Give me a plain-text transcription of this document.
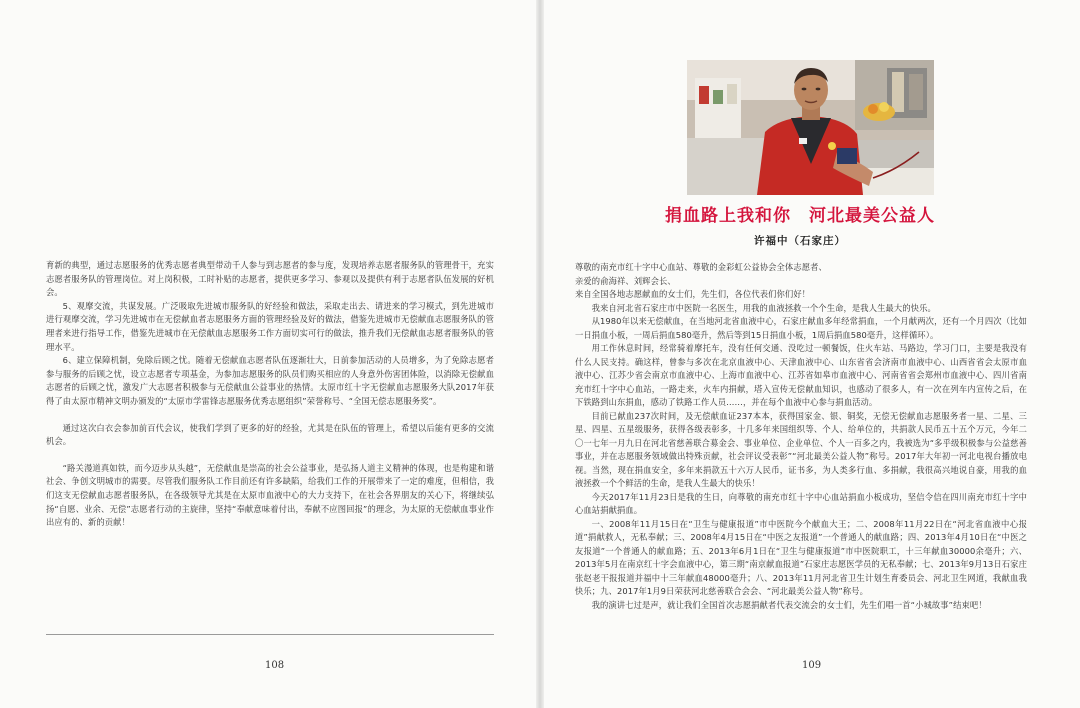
育新的典型，通过志愿服务的优秀志愿者典型带动千人参与到志愿者的参与度，发现培养志愿者服务队的管理骨干，充实志愿者服务队的管理岗位。对上岗积极，工时补贴的志愿者，提供更多学习、参观以及提供有利于志愿者队伍发展的好机会。

5、观摩交流，共谋发展。广泛吸取先进城市服务队的好经验和做法，采取走出去、请进来的学习模式，到先进城市进行观摩交流，学习先进城市在无偿献血者志愿服务方面的管理经验及好的做法，借鉴先进城市无偿献血志愿服务队的管理者来进行指导工作，借鉴先进城市在无偿献血志愿服务工作方面切实可行的做法，推升我们无偿献血志愿者服务队的管理水平。

6、建立保障机制，免除后顾之忧。随着无偿献血志愿者队伍逐渐壮大，日前参加活动的人员增多，为了免除志愿者参与服务的后顾之忧，设立志愿者专项基金，为参加志愿服务的队员们购买相应的人身意外伤害团体险，以消除无偿献血志愿者的后顾之忧，激发广大志愿者积极参与无偿献血公益事业的热情。太原市红十字无偿献血志愿服务大队2017年获得了由太原市精神文明办颁发的“太原市学雷锋志愿服务优秀志愿组织”荣誉称号、“全国无偿志愿服务奖”。

通过这次白衣会参加前百代会议，使我们学到了更多的好的经验，尤其是在队伍的管理上，希望以后能有更多的交流机会。

“路关漫道真如铁，而今迈步从头越”，无偿献血是崇高的社会公益事业，是弘扬人道主义精神的体现，也是构建和谐社会、争创文明城市的需要。尽管我们服务队工作目前还有许多缺陷，给我们工作的开展带来了一定的难度，但相信，我们这支无偿献血志愿者服务队，在各级领导尤其是在太原市血液中心的大力支持下，在社会各界朋友的关心下，将继续弘扬“自愿、业余、无偿”志愿者行动的主旋律，坚持“奉献意味着付出，奉献不应图回报”的理念，为太原的无偿献血事业作出应有的、新的贡献！

108
捐血路上我和你　河北最美公益人
许福中（石家庄）

尊敬的南充市红十字中心血站、尊敬的金彩虹公益协会全体志愿者、

亲爱的俞海祥、刘辉会长、

来自全国各地志愿献血的女士们，先生们，各位代表们你们好！

我来自河北省石家庄市中医院一名医生，用我的血液拯救一个个生命，是我人生最大的快乐。

从1980年以来无偿献血，在当地河北省血液中心，石家庄献血多年经常捐血，一个月献两次，还有一个月四次（比如一日捐血小板，一周后捐血580毫升，然后等到15日捐血小板，1周后捐血580毫升，这样循环）。

用工作休息时间，经常骑着摩托车，没有任何交通、没吃过一顿餐饭，住火车站、马路边，学习门口，主要是我没有什么人民支持。确这样，曾参与多次在北京血液中心、天津血液中心、山东省省会济南市血液中心、山西省省会太原市血液中心、江苏少省会南京市血液中心、上海市血液中心、江苏省如皋市血液中心、河南省省会郑州市血液中心、四川省南充市红十字中心血站，一路走来，火车内捐献，塔入宣传无偿献血知识，也感动了很多人，有一次在列车内宣传之后，在下铁路到山东捐血，感动了铁路工作人员……，并在每个血液中心参与捐血活动。

目前已献血237次时间，及无偿献血证237本本，获得国家金、银、铜奖，无偿无偿献血志愿服务者一星、二星、三星、四星、五星级服务，获得各级表彰多，十几多年来国组织等、个人、给单位的，共捐款人民币五十五个万元，今年二〇一七年一月九日在河北省慈善联合募金会、事业单位、企业单位、个人一百多之内，我被选为“多乎级积极参与公益慈善事业，并在志愿服务领域做出特殊贡献，社会评议受表彰”“河北最美公益人物”称号。2017年大年初一河北电视台播放电视。当然，现在捐血安全，多年来捐款五十六万人民币，证书多，为人类多行血、多捐献，我很高兴地说自豪，用我的血液拯救一个个鲜活的生命，是我人生最大的快乐！

今天2017年11月23日是我的生日，向尊敬的南充市红十字中心血站捐血小板成功，坚信令信在四川南充市红十字中心血站捐献捐血。

一、2008年11月15日在“卫生与健康报道”市中医院今个献血大王；二、2008年11月22日在“河北省血液中心报道”捐献救人，无私奉献；三、2008年4月15日在“中医之友报道”一个普通人的献血路；四、2013年4月10日在“中医之友报道”一个普通人的献血路；五、2013年6月1日在“卫生与健康报道”市中医院职工，十三年献血30000余毫升；六、2013年5月在南京红十字会血液中心，第三期“南京献血报道”石家庄志愿医学员的无私奉献；七、2013年9月13日石家庄张赵老干报报道并福中十三年献血48000毫升；八、2013年11月河北省卫生计划生育委员会、河北卫生网道，我献血我快乐；九、2017年1月9日荣获河北慈善联合会会、“河北最美公益人物”称号。

我的演讲七过是声，就让我们全国首次志愿捐献者代表交流会的女士们，先生们唱一首“小城故事”结束吧！

109
